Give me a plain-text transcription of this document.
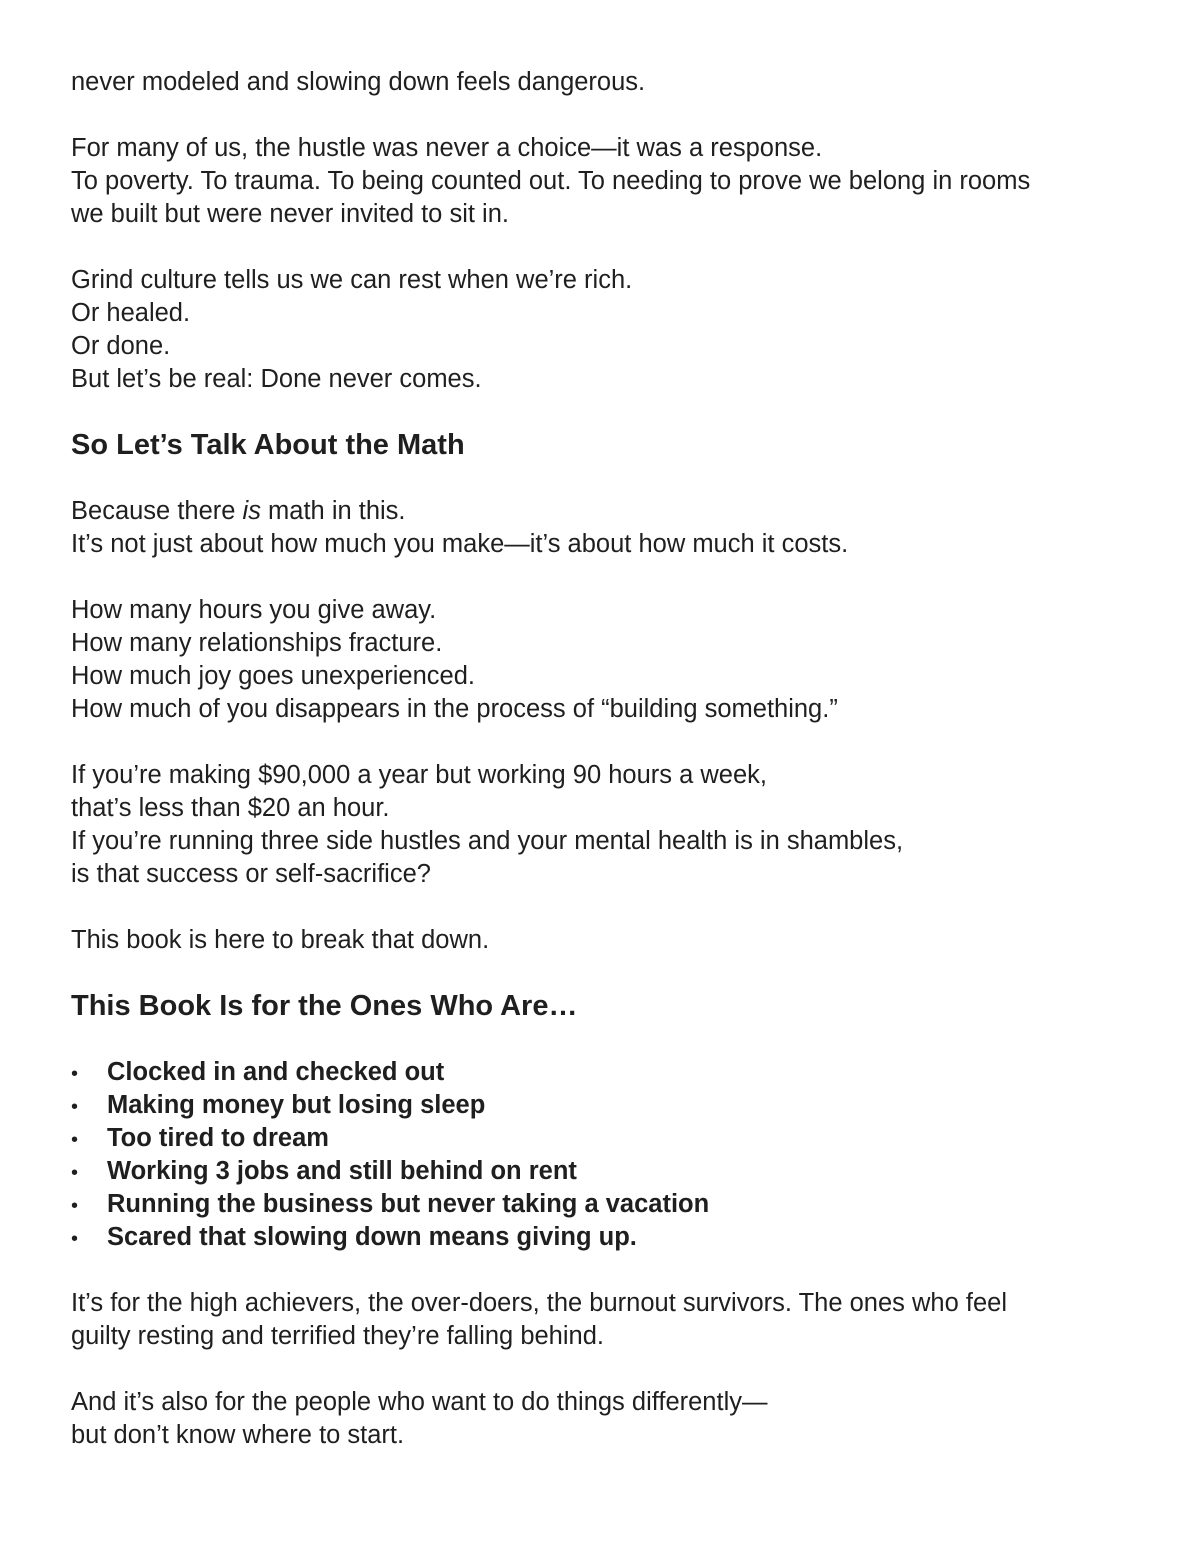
never modeled and slowing down feels dangerous.
For many of us, the hustle was never a choice—it was a response.
To poverty. To trauma. To being counted out. To needing to prove we belong in rooms
we built but were never invited to sit in.
Grind culture tells us we can rest when we’re rich.
Or healed.
Or done.
But let’s be real: Done never comes.
So Let’s Talk About the Math
Because there is math in this.
It’s not just about how much you make—it’s about how much it costs.
How many hours you give away.
How many relationships fracture.
How much joy goes unexperienced.
How much of you disappears in the process of “building something.”
If you’re making $90,000 a year but working 90 hours a week,
that’s less than $20 an hour.
If you’re running three side hustles and your mental health is in shambles,
is that success or self-sacrifice?
This book is here to break that down.
This Book Is for the Ones Who Are…
•	Clocked in and checked out
•	Making money but losing sleep
•	Too tired to dream
•	Working 3 jobs and still behind on rent
•	Running the business but never taking a vacation
•	Scared that slowing down means giving up.
It’s for the high achievers, the over-doers, the burnout survivors. The ones who feel
guilty resting and terrified they’re falling behind.
And it’s also for the people who want to do things differently—
but don’t know where to start.
